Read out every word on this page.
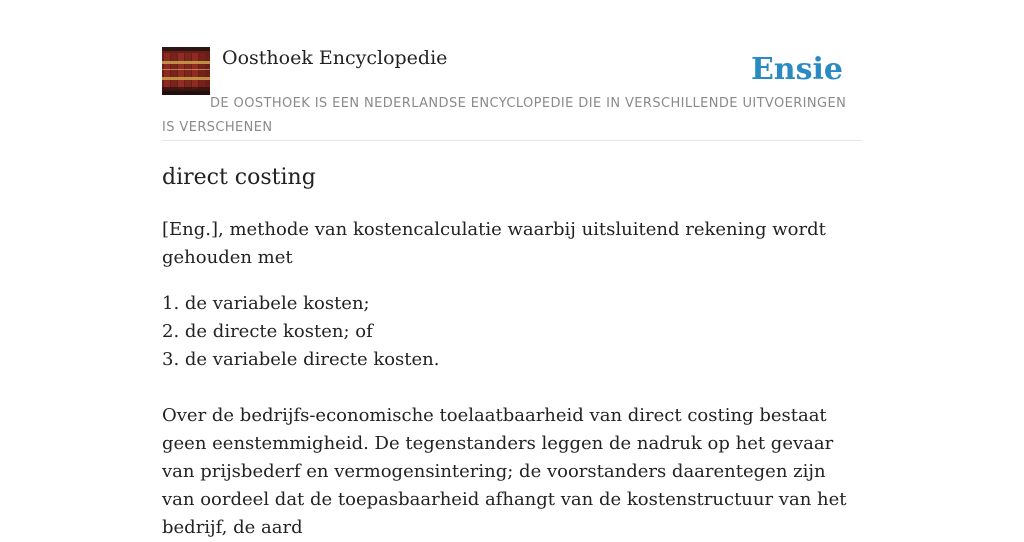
Oosthoek Encyclopedie	Ensie
DE OOSTHOEK IS EEN NEDERLANDSE ENCYCLOPEDIE DIE IN VERSCHILLENDE UITVOERINGEN IS VERSCHENEN
direct costing

[Eng.], methode van kostencalculatie waarbij uitsluitend rekening wordt gehouden met

1. de variabele kosten;
2. de directe kosten; of
3. de variabele directe kosten.

Over de bedrijfs-economische toelaatbaarheid van direct costing bestaat geen eenstemmigheid. De tegenstanders leggen de nadruk op het gevaar van prijsbederf en vermogensintering; de voorstanders daarentegen zijn van oordeel dat de toepasbaarheid afhangt van de kostenstructuur van het bedrijf, de aard
